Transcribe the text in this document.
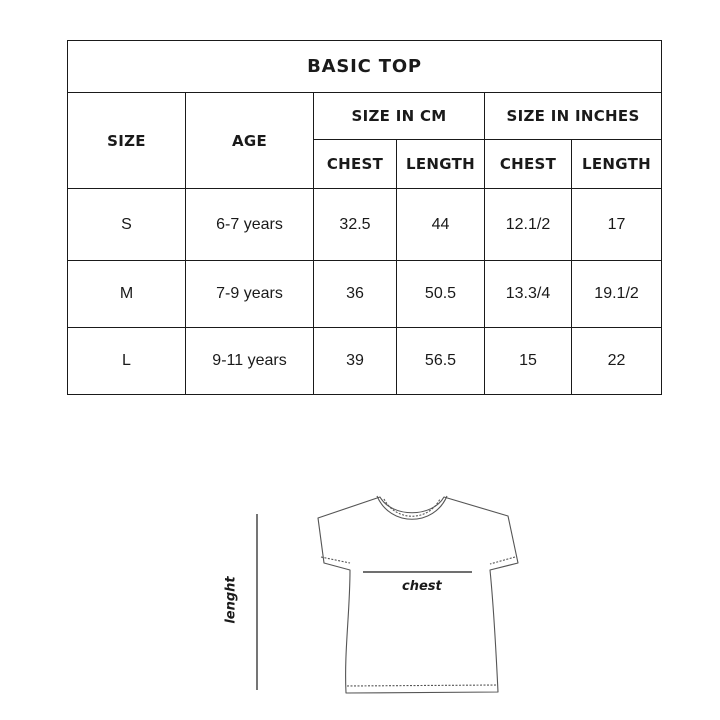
BASIC TOP					
SIZE	AGE	SIZE IN CM		SIZE IN INCHES	
		CHEST	LENGTH	CHEST	LENGTH
S	6-7 years	32.5	44	12.1/2	17
M	7-9 years	36	50.5	13.3/4	19.1/2
L	9-11 years	39	56.5	15	22
chest
lenght
